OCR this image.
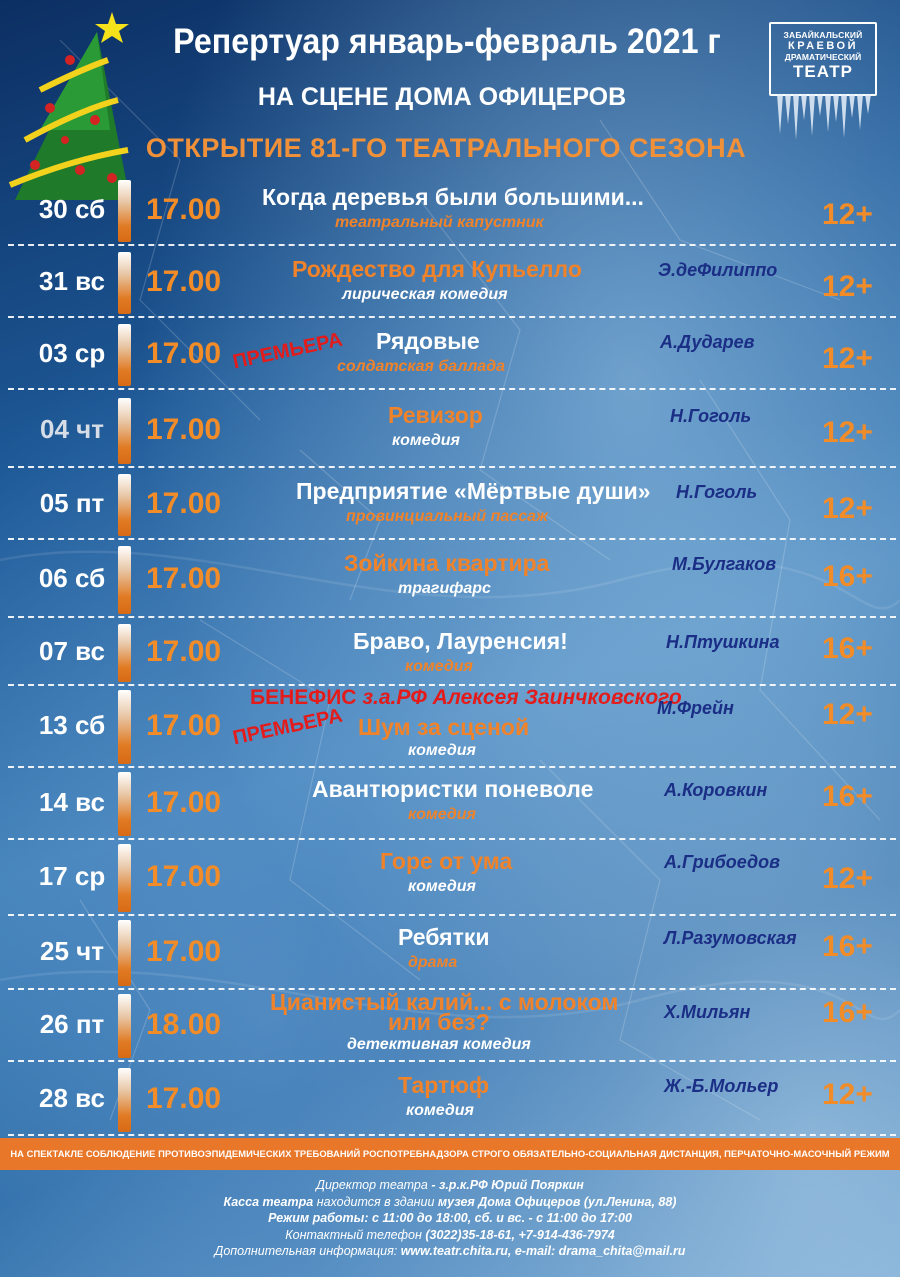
ЗАБАЙКАЛЬСКИЙ
КРАЕВОЙ
ДРАМАТИЧЕСКИЙ
ТЕАТР
Репертуар январь-февраль 2021 г
НА СЦЕНЕ ДОМА ОФИЦЕРОВ
ОТКРЫТИЕ 81-ГО ТЕАТРАЛЬНОГО СЕЗОНА
30 сб	17.00 Когда деревья были большими...
театральный капустник	12+
31 вс	17.00	Рождество для Купьелло
лирическая комедия
Э.деФилиппо 12+
03 ср	17.00	Рядовые
солдатская баллада
А.Дударев 12+
ПРЕМЬЕРА
04 чт	17.00	Ревизор
комедия
Н.Гоголь 12+
05 пт	17.00	Предприятие «Мёртвые души»
провинциальный пассаж
Н.Гоголь 12+
06 сб	17.00	Зойкина квартира
трагифарс
М.Булгаков 16+
07 вс	17.00	Браво, Лауренсия!
комедия
Н.Птушкина 16+
13 сб	17.00
БЕНЕФИС з.а.РФ Алексея Заинчковского
Шум за сценой
комедия
М.Фрейн	12+
ПРЕМЬЕРА
14 вс	17.00	Авантюристки поневоле
комедия
А.Коровкин 16+
17 ср	17.00	Горе от ума
комедия
А.Грибоедов 12+
25 чт	17.00	Ребятки
драма
Л.Разумовская 16+
26 пт	18.00
Цианистый калий... с молоком
или без?
детективная комедия
Х.Мильян 16+
28 вс	17.00	Тартюф
комедия
Ж.-Б.Мольер 12+
НА СПЕКТАКЛЕ СОБЛЮДЕНИЕ ПРОТИВОЭПИДЕМИЧЕСКИХ ТРЕБОВАНИЙ РОСПОТРЕБНАДЗОРА СТРОГО ОБЯЗАТЕЛЬНО-СОЦИАЛЬНАЯ ДИСТАНЦИЯ, ПЕРЧАТОЧНО-МАСОЧНЫЙ РЕЖИМ
Директор театра - з.р.к.РФ Юрий Пояркин
Касса театра находится в здании музея Дома Офицеров (ул.Ленина, 88)
Режим работы: с 11:00 до 18:00, сб. и вс. - с 11:00 до 17:00
Контактный телефон (3022)35-18-61, +7-914-436-7974
Дополнительная информация: www.teatr.chita.ru, e-mail: drama_chita@mail.ru
